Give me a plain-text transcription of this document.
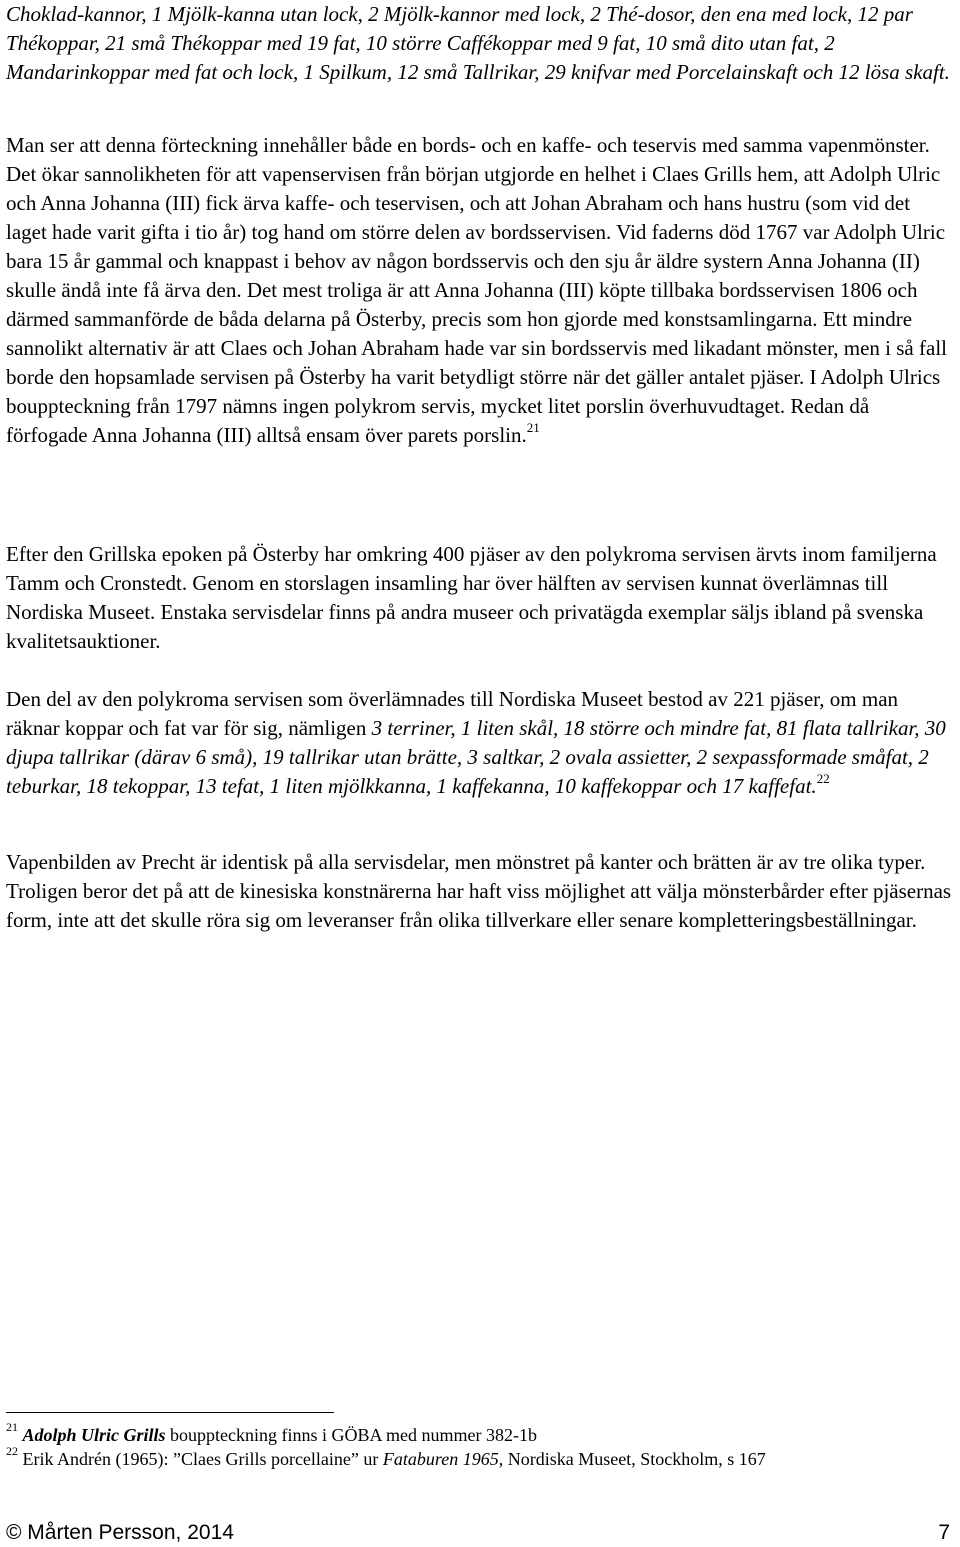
Choklad-kannor, 1 Mjölk-kanna utan lock, 2 Mjölk-kannor med lock, 2 Thé-dosor, den ena med lock, 12 par Thékoppar, 21 små Thékoppar med 19 fat, 10 större Caffékoppar med 9 fat, 10 små dito utan fat, 2 Mandarinkoppar med fat och lock, 1 Spilkum, 12 små Tallrikar, 29 knifvar med Porcelainskaft och 12 lösa skaft.

Man ser att denna förteckning innehåller både en bords- och en kaffe- och teservis med samma vapenmönster. Det ökar sannolikheten för att vapenservisen från början utgjorde en helhet i Claes Grills hem, att Adolph Ulric och Anna Johanna (III) fick ärva kaffe- och teservisen, och att Johan Abraham och hans hustru (som vid det laget hade varit gifta i tio år) tog hand om större delen av bordsservisen. Vid faderns död 1767 var Adolph Ulric bara 15 år gammal och knappast i behov av någon bordsservis och den sju år äldre systern Anna Johanna (II) skulle ändå inte få ärva den. Det mest troliga är att Anna Johanna (III) köpte tillbaka bordsservisen 1806 och därmed sammanförde de båda delarna på Österby, precis som hon gjorde med konstsamlingarna. Ett mindre sannolikt alternativ är att Claes och Johan Abraham hade var sin bordsservis med likadant mönster, men i så fall borde den hopsamlade servisen på Österby ha varit betydligt större när det gäller antalet pjäser. I Adolph Ulrics bouppteckning från 1797 nämns ingen polykrom servis, mycket litet porslin överhuvudtaget. Redan då förfogade Anna Johanna (III) alltså ensam över parets porslin.$^{21}$

Efter den Grillska epoken på Österby har omkring 400 pjäser av den polykroma servisen ärvts inom familjerna Tamm och Cronstedt. Genom en storslagen insamling har över hälften av servisen kunnat överlämnas till Nordiska Museet. Enstaka servisdelar finns på andra museer och privatägda exemplar säljs ibland på svenska kvalitetsauktioner.

Den del av den polykroma servisen som överlämnades till Nordiska Museet bestod av 221 pjäser, om man räknar koppar och fat var för sig, nämligen 3 terriner, 1 liten skål, 18 större och mindre fat, 81 flata tallrikar, 30 djupa tallrikar (därav 6 små), 19 tallrikar utan brätte, 3 saltkar, 2 ovala assietter, 2 sexpassformade småfat, 2 teburkar, 18 tekoppar, 13 tefat, 1 liten mjölkkanna, 1 kaffekanna, 10 kaffekoppar och 17 kaffefat.$^{22}$

Vapenbilden av Precht är identisk på alla servisdelar, men mönstret på kanter och brätten är av tre olika typer. Troligen beror det på att de kinesiska konstnärerna har haft viss möjlighet att välja mönsterbårder efter pjäsernas form, inte att det skulle röra sig om leveranser från olika tillverkare eller senare kompletteringsbeställningar.

$^{21}$ Adolph Ulric Grills bouppteckning finns i GÖBA med nummer 382-1b
$^{22}$ Erik Andrén (1965): ”Claes Grills porcellaine” ur Fataburen 1965, Nordiska Museet, Stockholm, s 167
© Mårten Persson, 2014	7
